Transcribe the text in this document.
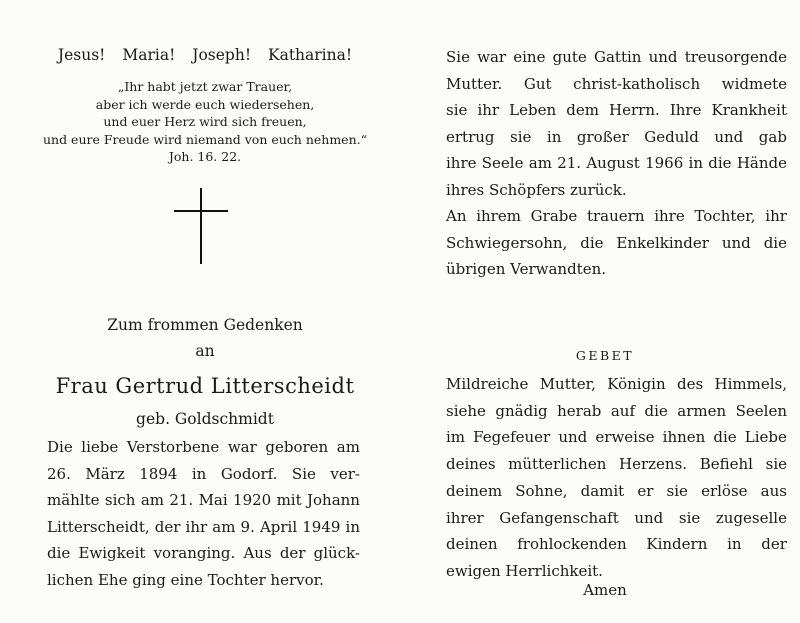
Jesus! Maria! Joseph! Katharina!
„Ihr habt jetzt zwar Trauer,
aber ich werde euch wiedersehen,
und euer Herz wird sich freuen,
und eure Freude wird niemand von euch nehmen.“
Joh. 16. 22.
Zum frommen Gedenken
an
Frau Gertrud Litterscheidt
geb. Goldschmidt
Die liebe Verstorbene war geboren am
26. März 1894 in Godorf. Sie ver-
mählte sich am 21. Mai 1920 mit Johann
Litterscheidt, der ihr am 9. April 1949 in
die Ewigkeit voranging. Aus der glück-
lichen Ehe ging eine Tochter hervor.
Sie war eine gute Gattin und treusorgende
Mutter. Gut christ-katholisch widmete
sie ihr Leben dem Herrn. Ihre Krankheit
ertrug sie in großer Geduld und gab
ihre Seele am 21. August 1966 in die Hände
ihres Schöpfers zurück.
An ihrem Grabe trauern ihre Tochter, ihr
Schwiegersohn, die Enkelkinder und die
übrigen Verwandten.
GEBET
Mildreiche Mutter, Königin des Himmels,
siehe gnädig herab auf die armen Seelen
im Fegefeuer und erweise ihnen die Liebe
deines mütterlichen Herzens. Befiehl sie
deinem Sohne, damit er sie erlöse aus
ihrer Gefangenschaft und sie zugeselle
deinen frohlockenden Kindern in der
ewigen Herrlichkeit.
Amen
